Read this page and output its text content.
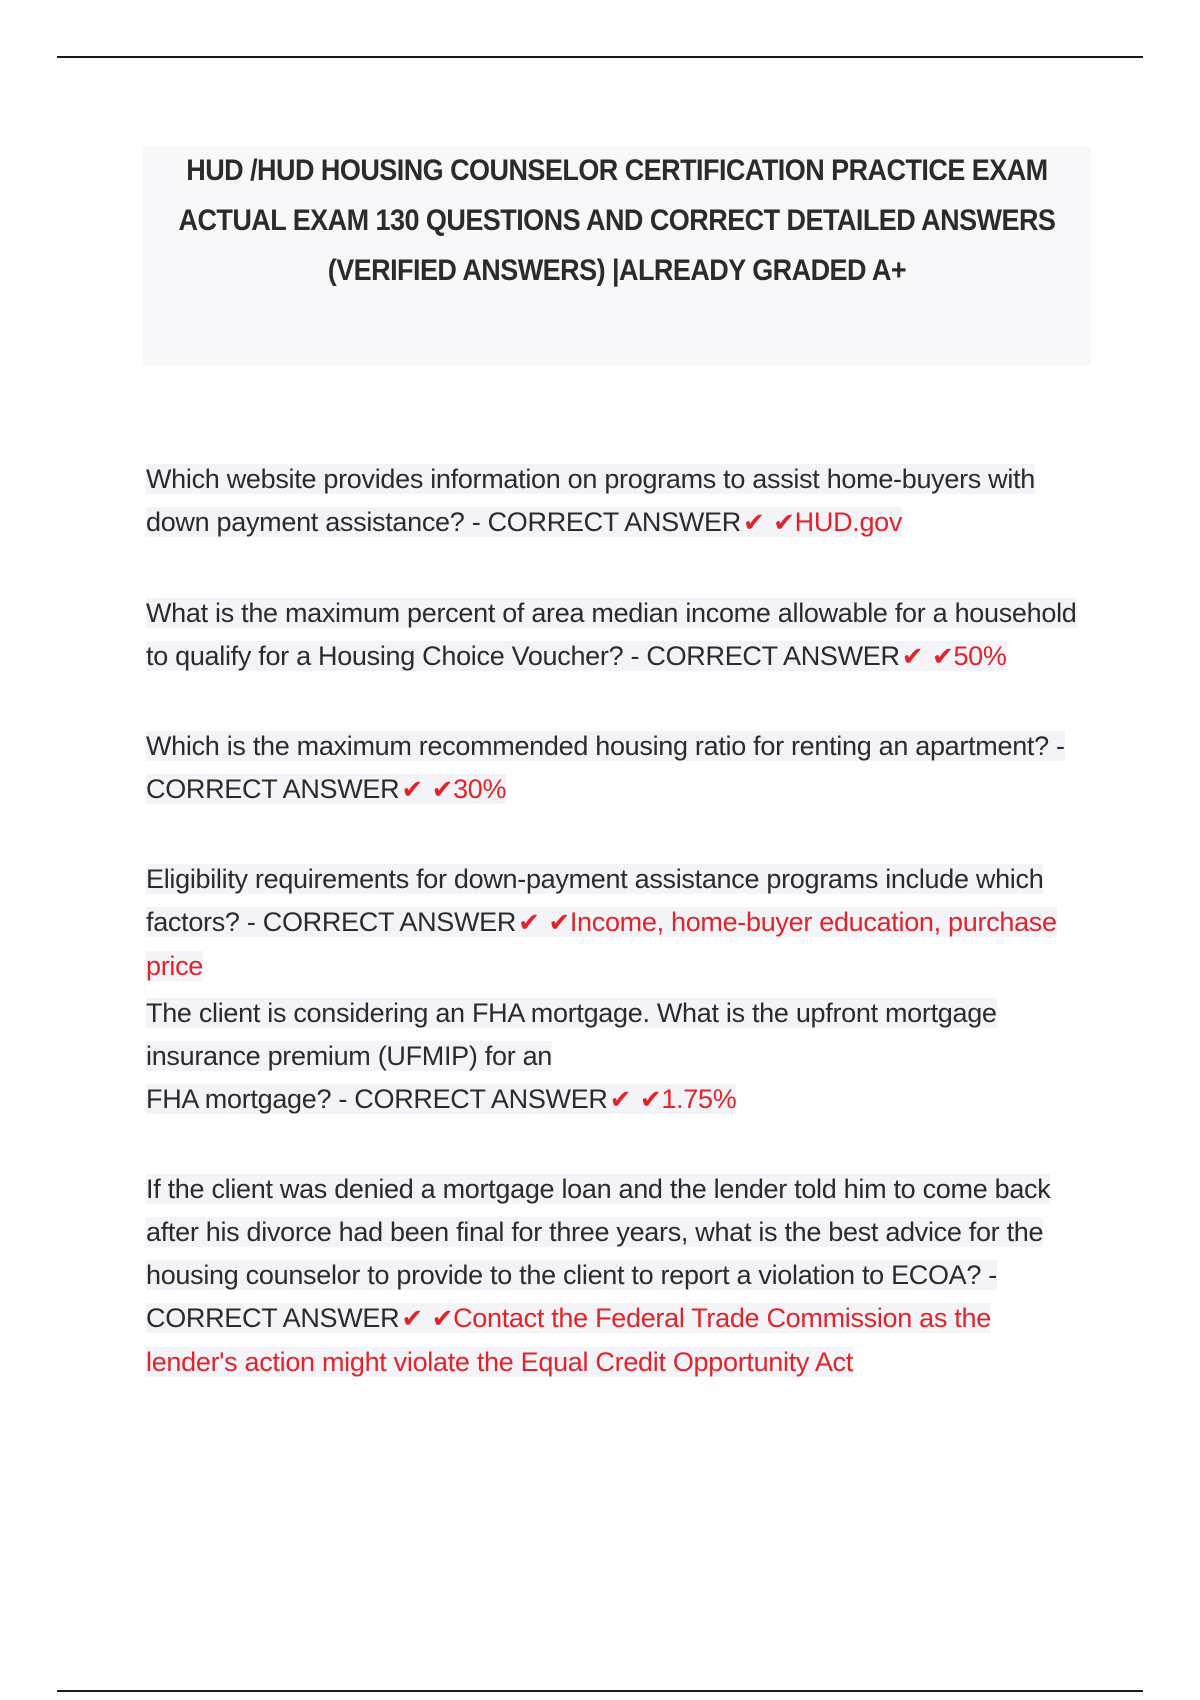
HUD /HUD HOUSING COUNSELOR CERTIFICATION PRACTICE EXAM ACTUAL EXAM 130 QUESTIONS AND CORRECT DETAILED ANSWERS (VERIFIED ANSWERS) |ALREADY GRADED A+

Which website provides information on programs to assist home-buyers with down payment assistance? - CORRECT ANSWER✔ ✔HUD.gov

What is the maximum percent of area median income allowable for a household to qualify for a Housing Choice Voucher? - CORRECT ANSWER✔ ✔50%

Which is the maximum recommended housing ratio for renting an apartment? - CORRECT ANSWER✔ ✔30%

Eligibility requirements for down-payment assistance programs include which factors? - CORRECT ANSWER✔ ✔Income, home-buyer education, purchase price

The client is considering an FHA mortgage. What is the upfront mortgage insurance premium (UFMIP) for an
FHA mortgage? - CORRECT ANSWER✔ ✔1.75%

If the client was denied a mortgage loan and the lender told him to come back after his divorce had been final for three years, what is the best advice for the housing counselor to provide to the client to report a violation to ECOA? - CORRECT ANSWER✔ ✔Contact the Federal Trade Commission as the lender's action might violate the Equal Credit Opportunity Act
